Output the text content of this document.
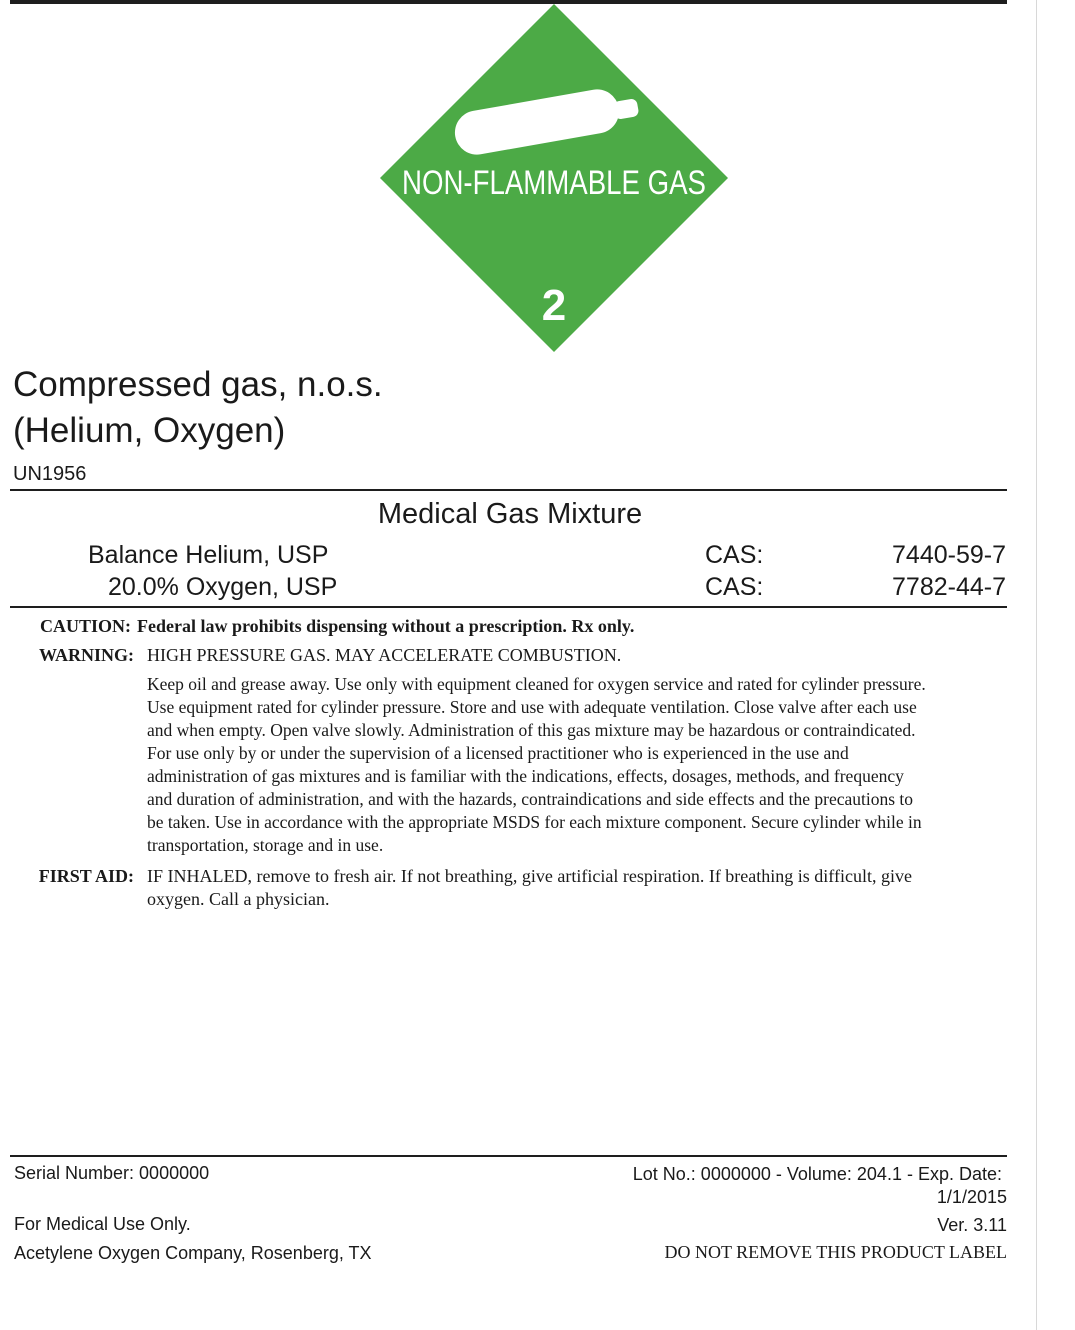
NON-FLAMMABLE GAS
2
Compressed gas, n.o.s.
(Helium, Oxygen)
UN1956
Medical Gas Mixture
Balance Helium, USP	CAS:	7440-59-7
20.0% Oxygen, USP	CAS:	7782-44-7
CAUTION: Federal law prohibits dispensing without a prescription. Rx only.
WARNING: HIGH PRESSURE GAS. MAY ACCELERATE COMBUSTION.
Keep oil and grease away. Use only with equipment cleaned for oxygen service and rated for cylinder pressure.
Use equipment rated for cylinder pressure. Store and use with adequate ventilation. Close valve after each use
and when empty. Open valve slowly. Administration of this gas mixture may be hazardous or contraindicated.
For use only by or under the supervision of a licensed practitioner who is experienced in the use and
administration of gas mixtures and is familiar with the indications, effects, dosages, methods, and frequency
and duration of administration, and with the hazards, contraindications and side effects and the precautions to
be taken. Use in accordance with the appropriate MSDS for each mixture component. Secure cylinder while in
transportation, storage and in use.
FIRST AID: IF INHALED, remove to fresh air. If not breathing, give artificial respiration. If breathing is difficult, give
oxygen. Call a physician.
Serial Number: 0000000	Lot No.: 0000000 - Volume: 204.1 - Exp. Date:
1/1/2015
For Medical Use Only.	Ver. 3.11
Acetylene Oxygen Company, Rosenberg, TX	DO NOT REMOVE THIS PRODUCT LABEL
